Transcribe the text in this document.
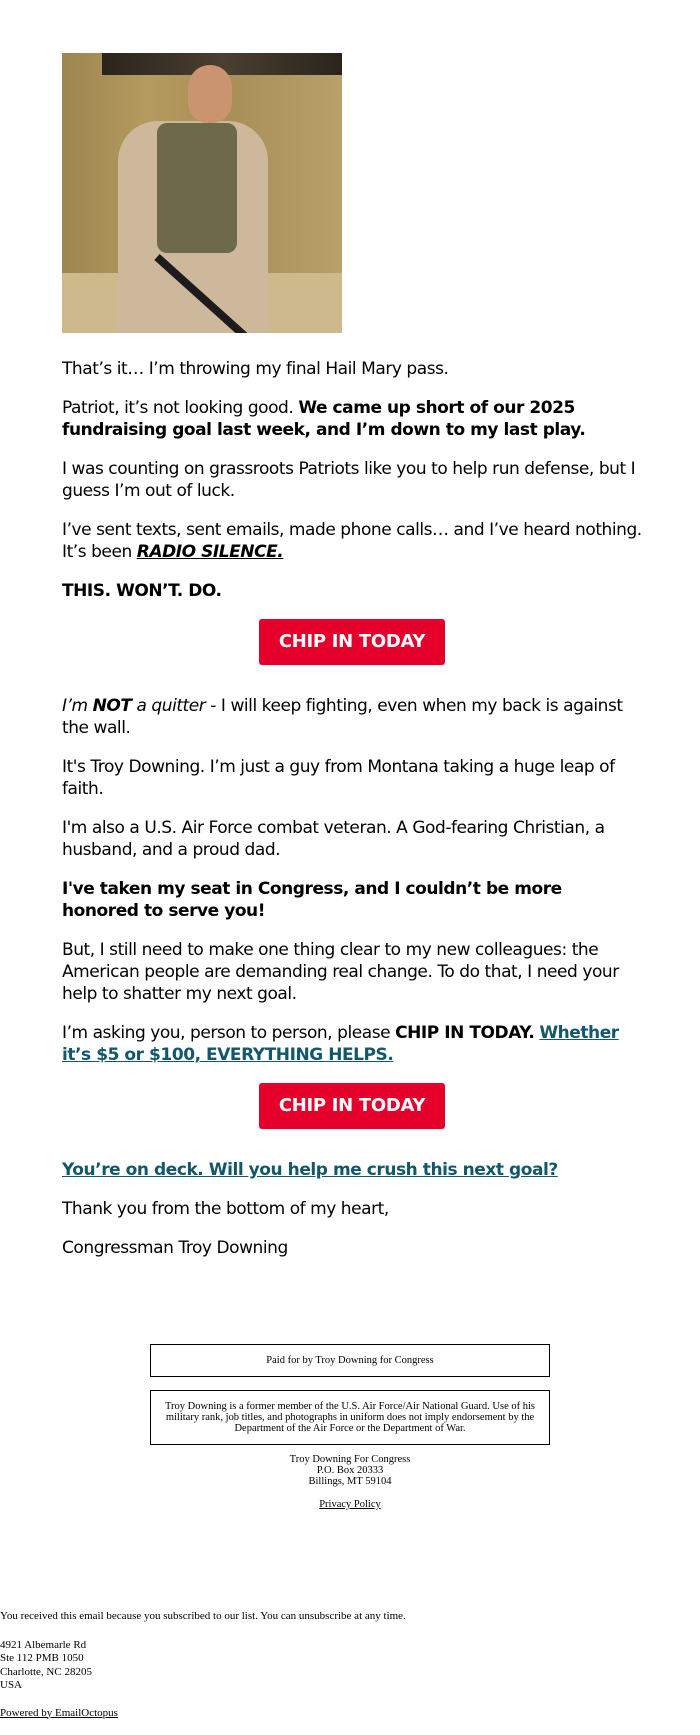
That’s it… I’m throwing my final Hail Mary pass.

Patriot, it’s not looking good. We came up short of our 2025 fundraising goal last week, and I’m down to my last play.

I was counting on grassroots Patriots like you to help run defense, but I guess I’m out of luck.

I’ve sent texts, sent emails, made phone calls… and I’ve heard nothing. It’s been RADIO SILENCE.

THIS. WON’T. DO.

CHIP IN TODAY

I’m NOT a quitter - I will keep fighting, even when my back is against the wall.

It's Troy Downing. I’m just a guy from Montana taking a huge leap of faith.

I'm also a U.S. Air Force combat veteran. A God-fearing Christian, a husband, and a proud dad.

I've taken my seat in Congress, and I couldn’t be more honored to serve you!

But, I still need to make one thing clear to my new colleagues: the American people are demanding real change. To do that, I need your help to shatter my next goal.

I’m asking you, person to person, please CHIP IN TODAY. Whether it’s $5 or $100, EVERYTHING HELPS.

CHIP IN TODAY

You’re on deck. Will you help me crush this next goal?

Thank you from the bottom of my heart,

Congressman Troy Downing

Paid for by Troy Downing for Congress
Troy Downing is a former member of the U.S. Air Force/Air National Guard. Use of his military rank, job titles, and photographs in uniform does not imply endorsement by the Department of the Air Force or the Department of War.
Troy Downing For Congress
P.O. Box 20333
Billings, MT 59104
Privacy Policy
You received this email because you subscribed to our list. You can unsubscribe at any time.
4921 Albemarle Rd
Ste 112 PMB 1050
Charlotte, NC 28205
USA
Powered by EmailOctopus
